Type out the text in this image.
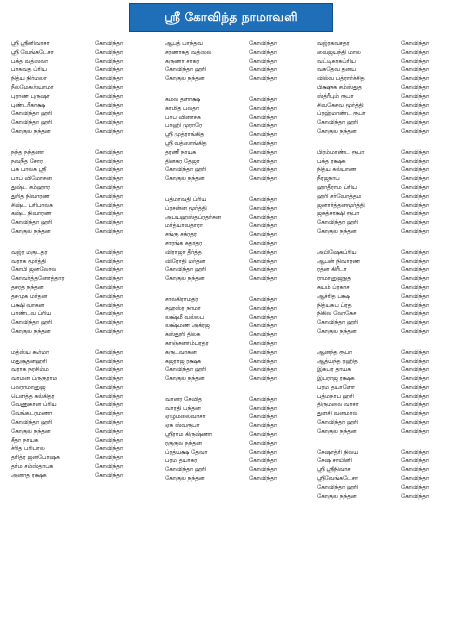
ஸ்ரீ கோவிந்த நாமாவளி
ஸ்ரீ ஸ்ரீனிவாசா	கோவிந்தா
ஸ்ரீ வேங்கடேசா	கோவிந்தா
பக்த வத்ஸலா	கோவிந்தா
பாகவத ப்ரிய	கோவிந்தா
நித்ய நிர்மலா	கோவிந்தா
நீலமேகஶ்யாமா	கோவிந்தா
புராண புருஷா	கோவிந்தா
புண்டரீகாக்ஷ	கோவிந்தா
கோவிந்தா ஹரி	கோவிந்தா
கோவிந்தா ஹரி	கோவிந்தா
கோகுல நந்தன	கோவிந்தா
நந்த நந்தனா	கோவிந்தா
நவநீத சோர	கோவிந்தா
பசு பாலக ஸ்ரீ	கோவிந்தா
பாப விமோசன	கோவிந்தா
துஷ்ட சம்ஹார	கோவிந்தா
துரித நிவாரண	கோவிந்தா
சிஷ்ட பரிபாலக	கோவிந்தா
கஷ்ட நிவாரண	கோவிந்தா
கோவிந்தா ஹரி	கோவிந்தா
கோகுல நந்தன	கோவிந்தா
வஜ்ர மகுடதர	கோவிந்தா
வராக மூர்த்தி	கோவிந்தா
கோபி ஜனலோல	கோவிந்தா
கோவர்த்தனோத்தார	கோவிந்தா
தசரத நந்தன	கோவிந்தா
தசமுக மர்தன	கோவிந்தா
பக்ஷி வாகன	கோவிந்தா
பாண்டவ ப்ரிய	கோவிந்தா
கோவிந்தா ஹரி	கோவிந்தா
கோகுல நந்தன	கோவிந்தா
மத்ஸ்ய கூர்மா	கோவிந்தா
மதுசூதனஹரி	கோவிந்தா
வராக நரசிம்ம	கோவிந்தா
வாமன ப்ருகுராம	கோவிந்தா
பலராமானுஜ	கோவிந்தா
பௌத்த கல்கிதர	கோவிந்தா
வேணுகான ப்ரிய	கோவிந்தா
வேங்கடரமணா	கோவிந்தா
கோவிந்தா ஹரி	கோவிந்தா
கோகுல நந்தன	கோவிந்தா
சீதா நாயக	கோவிந்தா
ச்ரித பரிபால	கோவிந்தா
தரித்ர ஜனபோஷக	கோவிந்தா
தர்ம சம்ஸ்தாபக	கோவிந்தா
அனாத ரக்ஷக	கோவிந்தா
ஆபத் பாந்தவ	கோவிந்தா
சரணாகத வத்ஸல	கோவிந்தா
கருணா சாகர	கோவிந்தா
கோவிந்தா ஹரி	கோவிந்தா
கோகுல நந்தன	கோவிந்தா
கமல தளாக்ஷ	கோவிந்தா
காமித பலதா	கோவிந்தா
பாப வினாசக	கோவிந்தா
பாஹி முராரே	கோவிந்தா
ஸ்ரீ முத்ராங்கித	கோவிந்தா
ஸ்ரீ வத்ஸாங்கித	கோவிந்தா
தரணீ நாயக	கோவிந்தா
தினகர தேஜா	கோவிந்தா
கோவிந்தா ஹரி	கோவிந்தா
கோகுல நந்தன	கோவிந்தா
பத்மாவதி ப்ரிய	கோவிந்தா
ப்ரசன்ன மூர்த்தி	கோவிந்தா
அபயஹஸ்தப்ரதர்சன	கோவிந்தா
மர்த்யாவதாரா	கோவிந்தா
சங்கு சக்ரதர	கோவிந்தா
சாரங்க கதாதர	கோவிந்தா
விராஜா தீர்த்த	கோவிந்தா
விரோதி மர்தன	கோவிந்தா
கோவிந்தா ஹரி	கோவிந்தா
கோகுல நந்தன	கோவிந்தா
சாலகிராமதர	கோவிந்தா
சஹஸ்ர நாமா	கோவிந்தா
லக்ஷ்மீ வல்லப	கோவிந்தா
லக்ஷ்மண அக்ரஜ	கோவிந்தா
கஸ்தூரி திலக	கோவிந்தா
காஞ்சனாம்பரதர	கோவிந்தா
கருடவாகன	கோவிந்தா
கஜராஜ ரக்ஷக	கோவிந்தா
கோவிந்தா ஹரி	கோவிந்தா
கோகுல நந்தன	கோவிந்தா
வானர சேவித	கோவிந்தா
வாரதி பந்தன	கோவிந்தா
ஏழுமலைவாசா	கோவிந்தா
ஏக ஸ்வரூபா	கோவிந்தா
ஸ்ரீராம கிருஷ்ணா	கோவிந்தா
ரகுகுல நந்தன	கோவிந்தா
ப்ரத்யக்ஷ தேவா	கோவிந்தா
பரம தயாகர	கோவிந்தா
கோவிந்தா ஹரி	கோவிந்தா
கோகுல நந்தன	கோவிந்தா
வஜ்ரகவசதர	கோவிந்தா
வைஜயந்தி மால	கோவிந்தா
வட்டிகாசுப்ரிய	கோவிந்தா
வசுதேவ தனய	கோவிந்தா
வில்வ பத்ரார்ச்சித	கோவிந்தா
பிக்ஷுக சம்ஸ்துத	கோவிந்தா
ஸ்த்ரீபும் ரூபா	கோவிந்தா
சிவகேசவ மூர்த்தி	கோவிந்தா
ப்ரஹ்மாண்ட ரூபா	கோவிந்தா
கோவிந்தா ஹரி	கோவிந்தா
கோகுல நந்தன	கோவிந்தா
பிரம்மாண்ட ரூபா	கோவிந்தா
பக்த ரக்ஷக	கோவிந்தா
நித்ய கல்யாண	கோவிந்தா
நீரஜநாப	கோவிந்தா
ஹாதீராம ப்ரிய	கோவிந்தா
ஹரி சர்வோத்தம	கோவிந்தா
ஜனார்த்தனமூர்த்தி	கோவிந்தா
ஜகத்சாக்ஷி ரூபா	கோவிந்தா
கோவிந்தா ஹரி	கோவிந்தா
கோகுல நந்தன	கோவிந்தா
அபிஷேகப்ரிய	கோவிந்தா
ஆபன் நிவாரண	கோவிந்தா
ரத்ன கிரீடா	கோவிந்தா
ராமானுஜநுத	கோவிந்தா
சுயம் ப்ரகாச	கோவிந்தா
ஆச்ரித பக்ஷ	கோவிந்தா
நித்யசுப ப்ரத	கோவிந்தா
நிகில லோகேச	கோவிந்தா
கோவிந்தா ஹரி	கோவிந்தா
கோகுல நந்தன	கோவிந்தா
ஆனந்த ரூபா	கோவிந்தா
ஆத்யந்த ரஹித	கோவிந்தா
இகபர தாயக	கோவிந்தா
இபராஜ ரக்ஷக	கோவிந்தா
பரம தயாளோ	கோவிந்தா
பத்மநாப ஹரி	கோவிந்தா
திருமலை வாசா	கோவிந்தா
துளசி வனமால	கோவிந்தா
கோவிந்தா ஹரி	கோவிந்தா
கோகுல நந்தன	கோவிந்தா
சேஷாத்ரி நிலய	கோவிந்தா
சேஷ சாயினி	கோவிந்தா
ஸ்ரீ ஸ்ரீநிவாச	கோவிந்தா
ஸ்ரீவேங்கடேசா	கோவிந்தா
கோவிந்தா ஹரி	கோவிந்தா
கோகுல நந்தன	கோவிந்தா
